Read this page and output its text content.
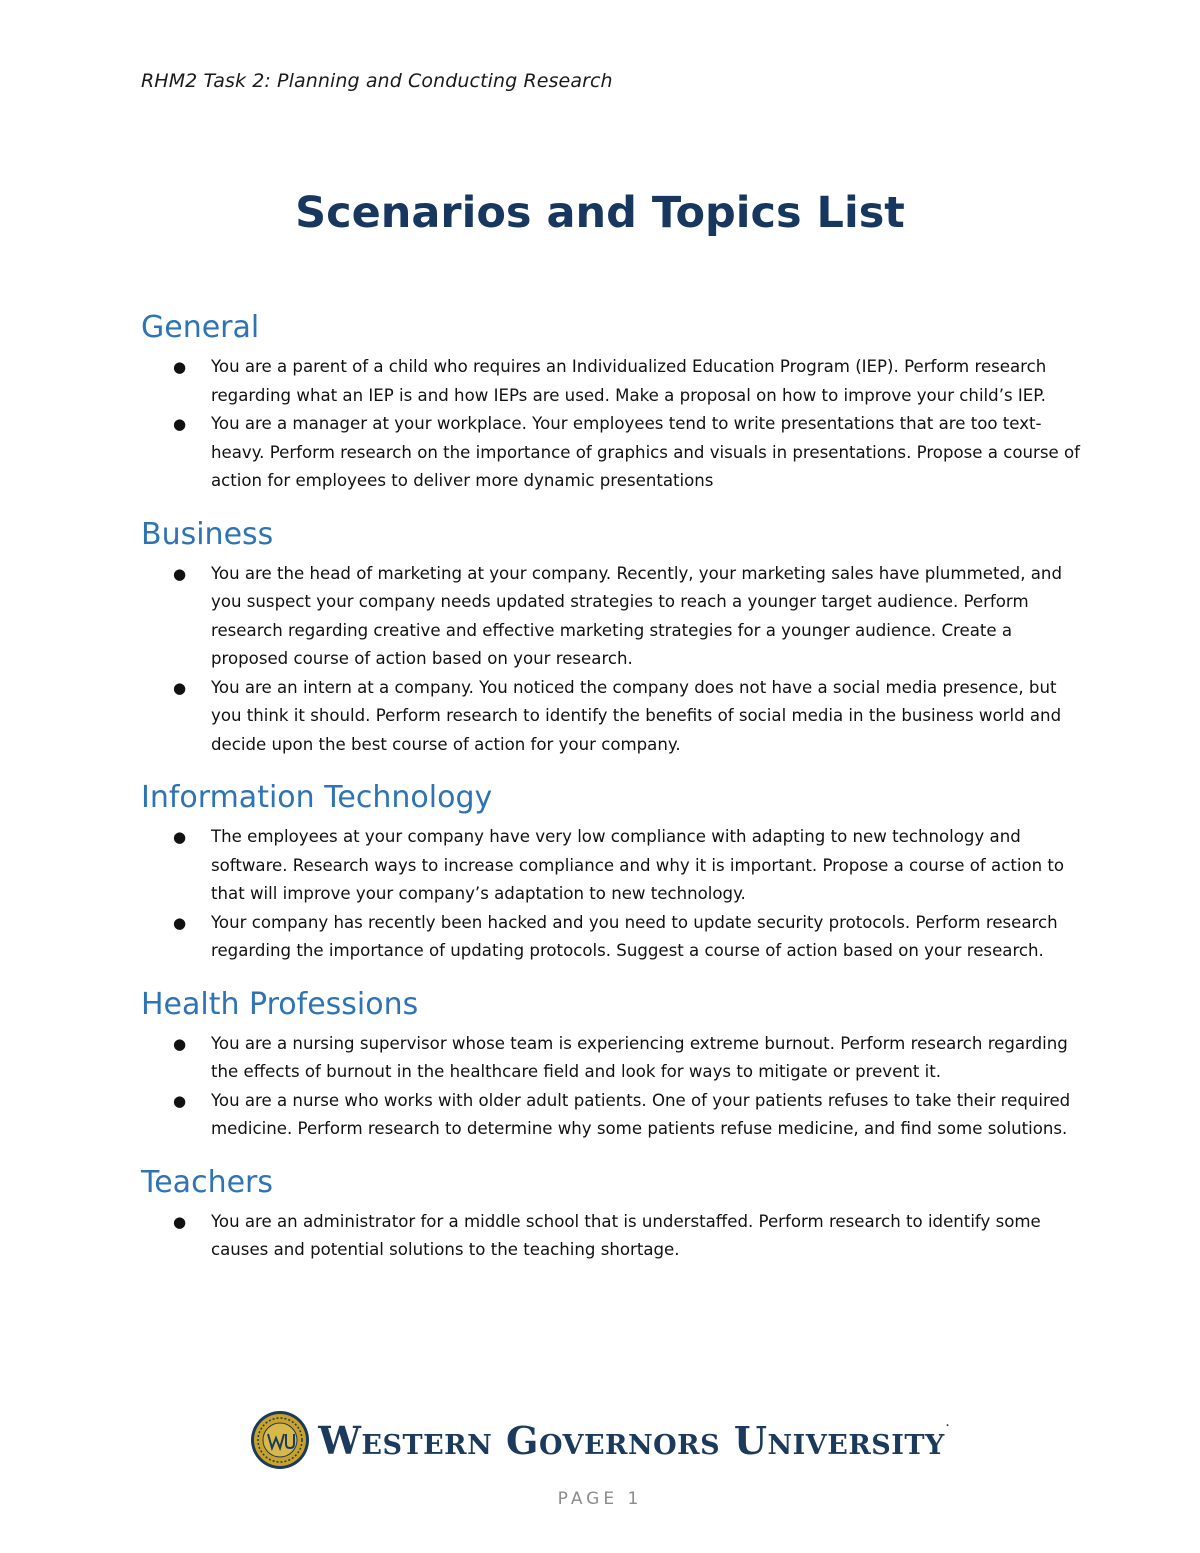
RHM2 Task 2: Planning and Conducting Research
Scenarios and Topics List
General
● You are a parent of a child who requires an Individualized Education Program (IEP). Perform research regarding what an IEP is and how IEPs are used. Make a proposal on how to improve your child’s IEP.
● You are a manager at your workplace. Your employees tend to write presentations that are too text-heavy. Perform research on the importance of graphics and visuals in presentations. Propose a course of action for employees to deliver more dynamic presentations
Business
● You are the head of marketing at your company. Recently, your marketing sales have plummeted, and you suspect your company needs updated strategies to reach a younger target audience. Perform research regarding creative and effective marketing strategies for a younger audience. Create a proposed course of action based on your research.
● You are an intern at a company. You noticed the company does not have a social media presence, but you think it should. Perform research to identify the benefits of social media in the business world and decide upon the best course of action for your company.
Information Technology
● The employees at your company have very low compliance with adapting to new technology and software. Research ways to increase compliance and why it is important. Propose a course of action to that will improve your company’s adaptation to new technology.
● Your company has recently been hacked and you need to update security protocols. Perform research regarding the importance of updating protocols. Suggest a course of action based on your research.
Health Professions
● You are a nursing supervisor whose team is experiencing extreme burnout. Perform research regarding the effects of burnout in the healthcare field and look for ways to mitigate or prevent it.
● You are a nurse who works with older adult patients. One of your patients refuses to take their required medicine. Perform research to determine why some patients refuse medicine, and find some solutions.
Teachers
● You are an administrator for a middle school that is understaffed. Perform research to identify some causes and potential solutions to the teaching shortage.
Western Governors University.
PAGE 1
